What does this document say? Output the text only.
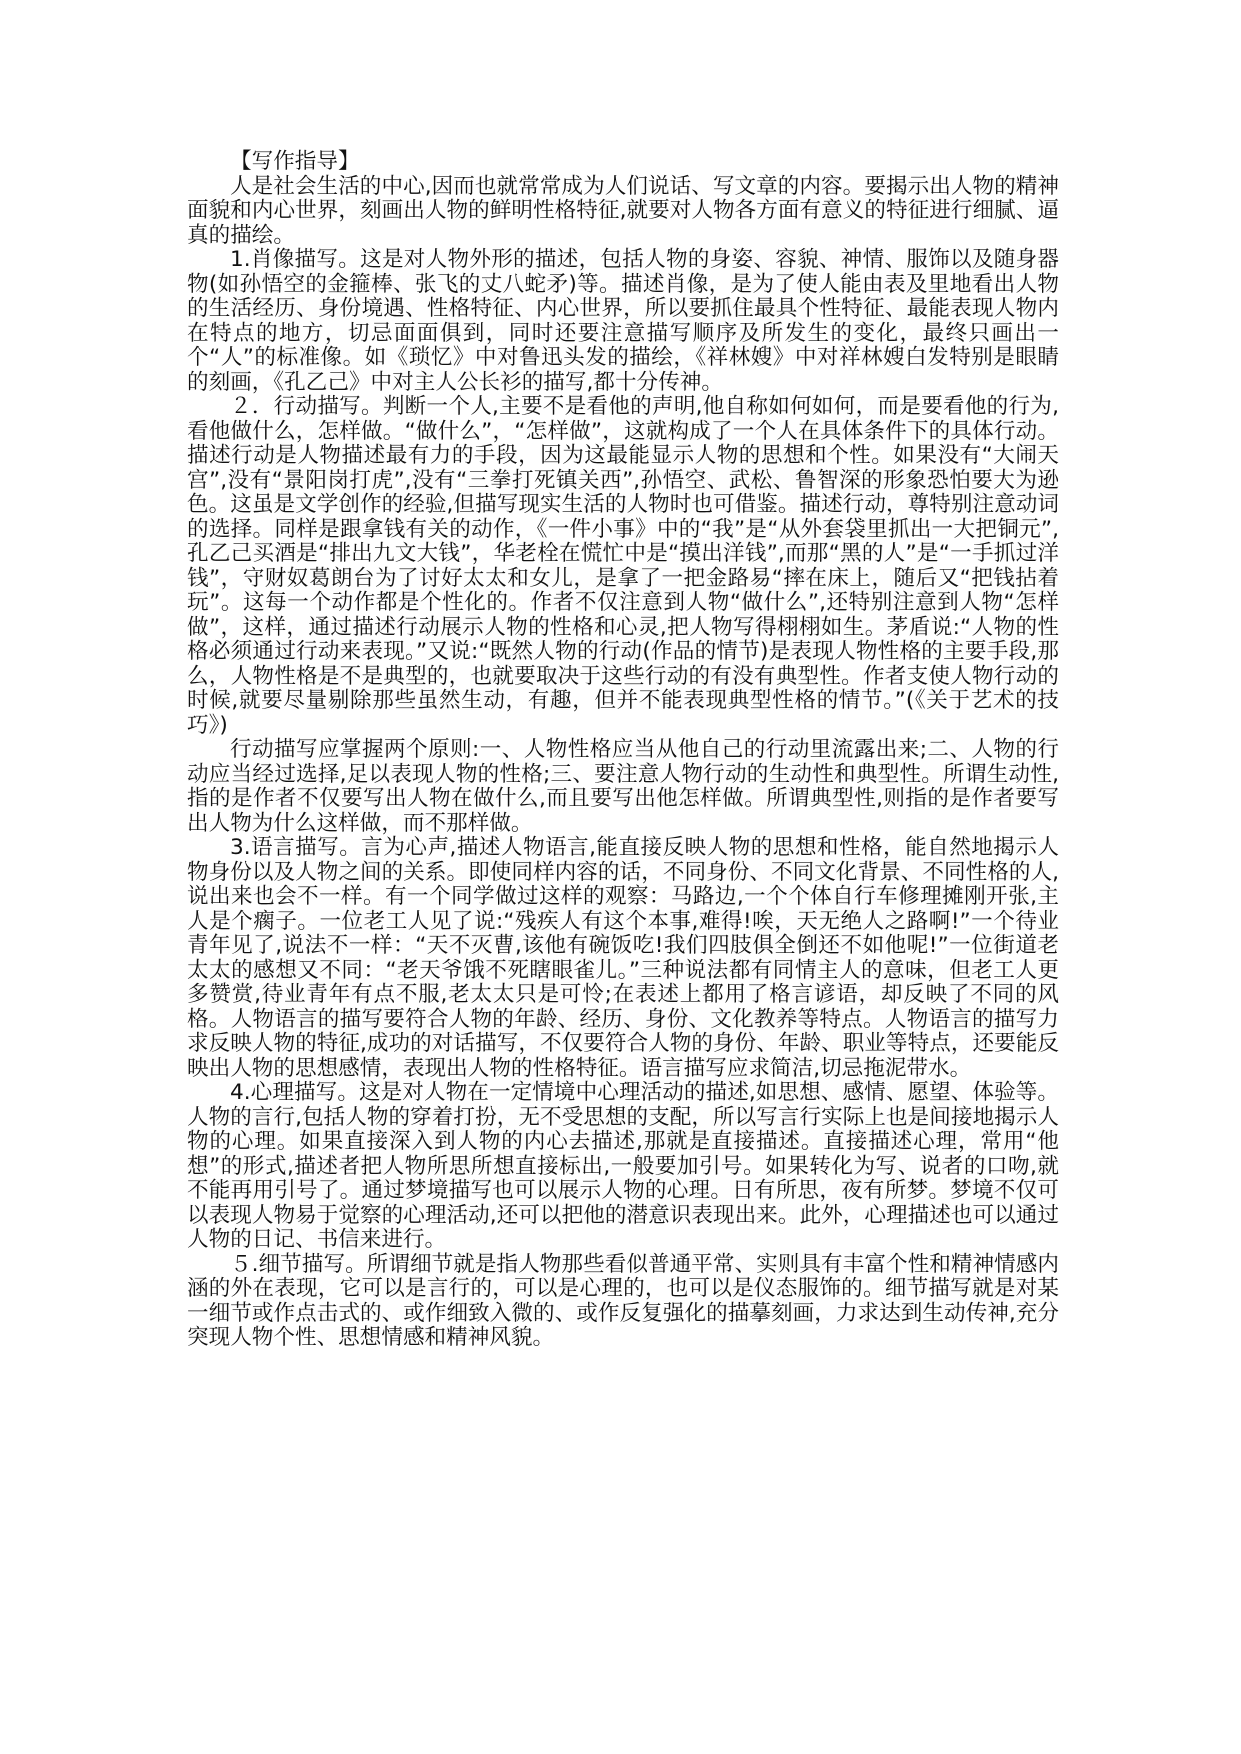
【写作指导】

人是社会生活的中心,因而也就常常成为人们说话、写文章的内容。要揭示出人物的精神面貌和内心世界，刻画出人物的鲜明性格特征,就要对人物各方面有意义的特征进行细腻、逼真的描绘。

1.肖像描写。这是对人物外形的描述，包括人物的身姿、容貌、神情、服饰以及随身器物(如孙悟空的金箍棒、张飞的丈八蛇矛)等。描述肖像，是为了使人能由表及里地看出人物的生活经历、身份境遇、性格特征、内心世界，所以要抓住最具个性特征、最能表现人物内在特点的地方，切忌面面俱到，同时还要注意描写顺序及所发生的变化，最终只画出一个“人”的标准像。如《琐忆》中对鲁迅头发的描绘，《祥林嫂》中对祥林嫂白发特别是眼睛的刻画，《孔乙己》中对主人公长衫的描写,都十分传神。

２．行动描写。判断一个人,主要不是看他的声明,他自称如何如何，而是要看他的行为,看他做什么，怎样做。“做什么”，“怎样做”，这就构成了一个人在具体条件下的具体行动。描述行动是人物描述最有力的手段，因为这最能显示人物的思想和个性。如果没有“大闹天宫”,没有“景阳岗打虎”,没有“三拳打死镇关西”,孙悟空、武松、鲁智深的形象恐怕要大为逊色。这虽是文学创作的经验,但描写现实生活的人物时也可借鉴。描述行动，尊特别注意动词的选择。同样是跟拿钱有关的动作，《一件小事》中的“我”是“从外套袋里抓出一大把铜元”,孔乙己买酒是“排出九文大钱”，华老栓在慌忙中是“摸出洋钱”,而那“黑的人”是“一手抓过洋钱”，守财奴葛朗台为了讨好太太和女儿，是拿了一把金路易“摔在床上，随后又“把钱拈着玩”。这每一个动作都是个性化的。作者不仅注意到人物“做什么”,还特别注意到人物“怎样做”，这样，通过描述行动展示人物的性格和心灵,把人物写得栩栩如生。茅盾说:“人物的性格必须通过行动来表现。”又说:“既然人物的行动(作品的情节)是表现人物性格的主要手段,那么，人物性格是不是典型的，也就要取决于这些行动的有没有典型性。作者支使人物行动的时候,就要尽量剔除那些虽然生动，有趣，但并不能表现典型性格的情节。”(《关于艺术的技巧》)

行动描写应掌握两个原则:一、人物性格应当从他自己的行动里流露出来;二、人物的行动应当经过选择,足以表现人物的性格;三、要注意人物行动的生动性和典型性。所谓生动性,指的是作者不仅要写出人物在做什么,而且要写出他怎样做。所谓典型性,则指的是作者要写出人物为什么这样做，而不那样做。

3.语言描写。言为心声,描述人物语言,能直接反映人物的思想和性格，能自然地揭示人物身份以及人物之间的关系。即使同样内容的话，不同身份、不同文化背景、不同性格的人,说出来也会不一样。有一个同学做过这样的观察：马路边,一个个体自行车修理摊刚开张,主人是个瘸子。一位老工人见了说:“残疾人有这个本事,难得!唉，天无绝人之路啊!”一个待业青年见了,说法不一样：“天不灭曹,该他有碗饭吃!我们四肢俱全倒还不如他呢!”一位街道老太太的感想又不同：“老天爷饿不死瞎眼雀儿。”三种说法都有同情主人的意味，但老工人更多赞赏,待业青年有点不服,老太太只是可怜;在表述上都用了格言谚语，却反映了不同的风格。人物语言的描写要符合人物的年龄、经历、身份、文化教养等特点。人物语言的描写力求反映人物的特征,成功的对话描写，不仅要符合人物的身份、年龄、职业等特点，还要能反映出人物的思想感情，表现出人物的性格特征。语言描写应求简洁,切忌拖泥带水。

4.心理描写。这是对人物在一定情境中心理活动的描述,如思想、感情、愿望、体验等。人物的言行,包括人物的穿着打扮，无不受思想的支配，所以写言行实际上也是间接地揭示人物的心理。如果直接深入到人物的内心去描述,那就是直接描述。直接描述心理，常用“他想”的形式,描述者把人物所思所想直接标出,一般要加引号。如果转化为写、说者的口吻,就不能再用引号了。通过梦境描写也可以展示人物的心理。日有所思，夜有所梦。梦境不仅可以表现人物易于觉察的心理活动,还可以把他的潜意识表现出来。此外，心理描述也可以通过人物的日记、书信来进行。

５.细节描写。所谓细节就是指人物那些看似普通平常、实则具有丰富个性和精神情感内涵的外在表现，它可以是言行的，可以是心理的，也可以是仪态服饰的。细节描写就是对某一细节或作点击式的、或作细致入微的、或作反复强化的描摹刻画，力求达到生动传神,充分突现人物个性、思想情感和精神风貌。
